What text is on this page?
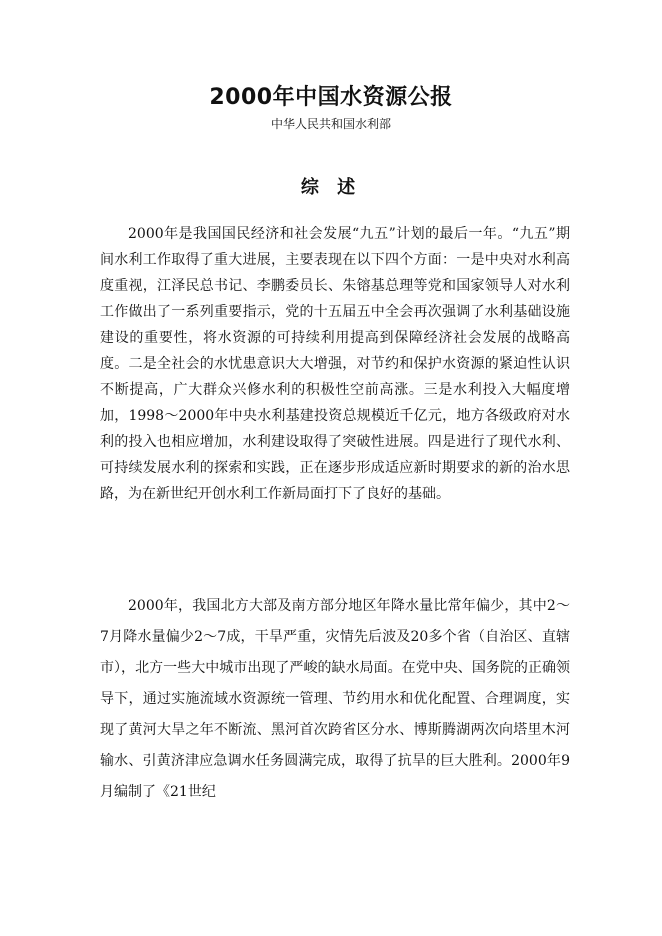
2000年中国水资源公报
中华人民共和国水利部
综 述

2000年是我国国民经济和社会发展“九五”计划的最后一年。“九五”期间水利工作取得了重大进展，主要表现在以下四个方面：一是中央对水利高度重视，江泽民总书记、李鹏委员长、朱镕基总理等党和国家领导人对水利工作做出了一系列重要指示，党的十五届五中全会再次强调了水利基础设施建设的重要性，将水资源的可持续利用提高到保障经济社会发展的战略高度。二是全社会的水忧患意识大大增强，对节约和保护水资源的紧迫性认识不断提高，广大群众兴修水利的积极性空前高涨。三是水利投入大幅度增加，1998～2000年中央水利基建投资总规模近千亿元，地方各级政府对水利的投入也相应增加，水利建设取得了突破性进展。四是进行了现代水利、可持续发展水利的探索和实践，正在逐步形成适应新时期要求的新的治水思路，为在新世纪开创水利工作新局面打下了良好的基础。

2000年，我国北方大部及南方部分地区年降水量比常年偏少，其中2～7月降水量偏少2～7成，干旱严重，灾情先后波及20多个省（自治区、直辖市），北方一些大中城市出现了严峻的缺水局面。在党中央、国务院的正确领导下，通过实施流域水资源统一管理、节约用水和优化配置、合理调度，实现了黄河大旱之年不断流、黑河首次跨省区分水、博斯腾湖两次向塔里木河输水、引黄济津应急调水任务圆满完成，取得了抗旱的巨大胜利。2000年9月编制了《21世纪
